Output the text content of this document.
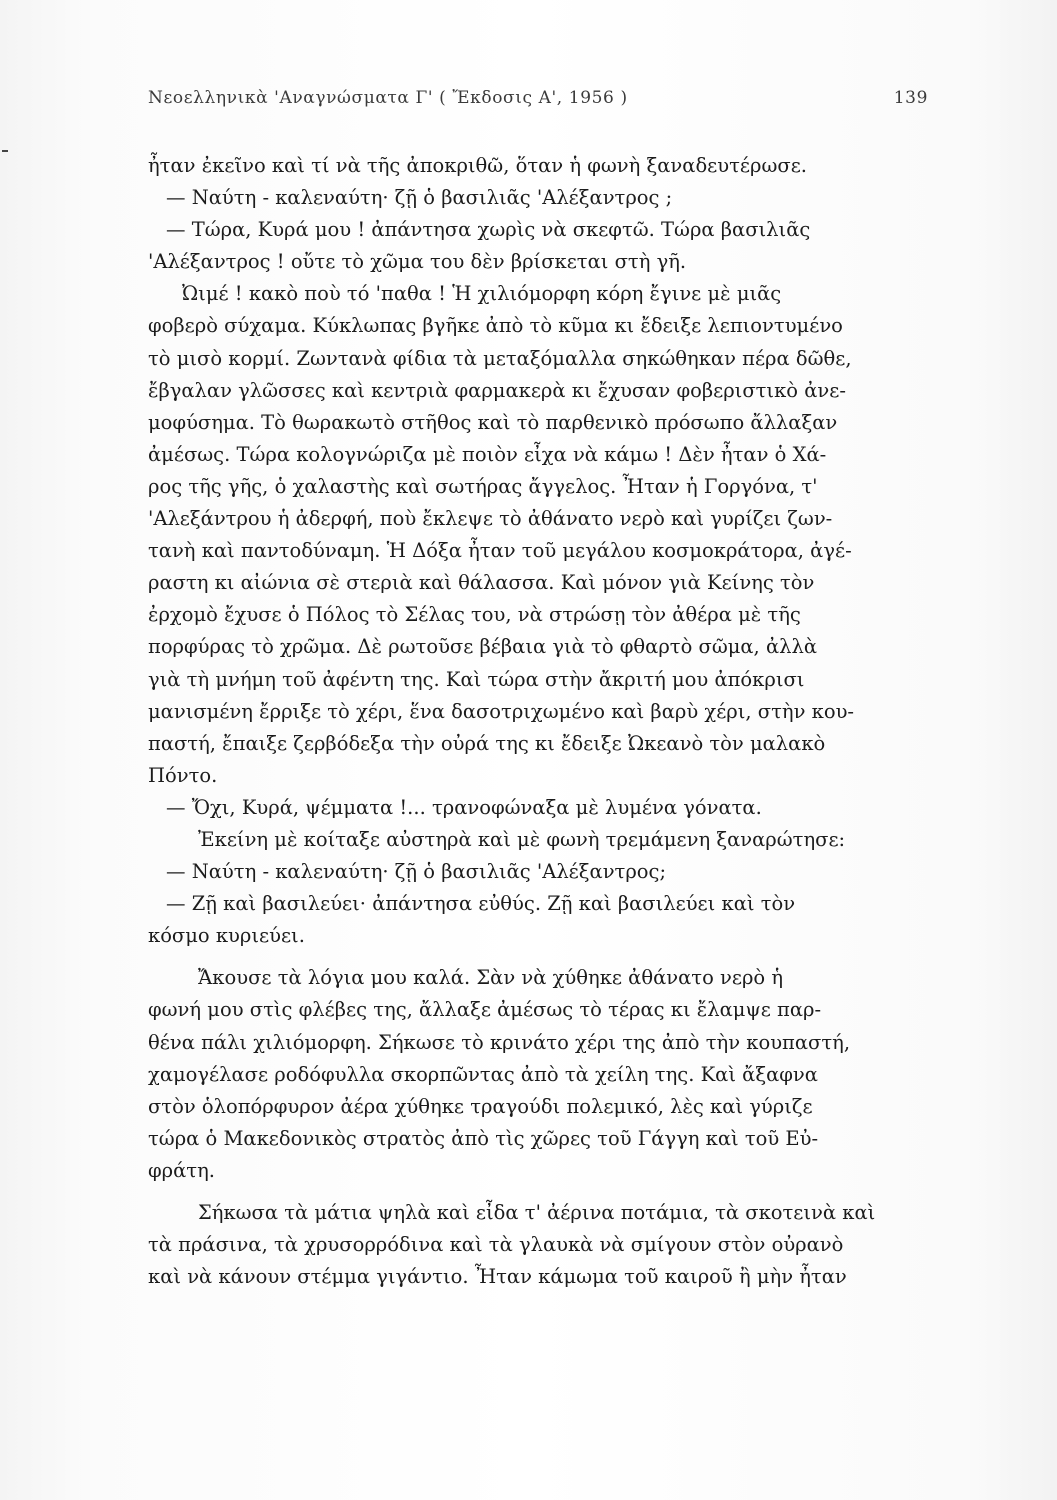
Νεοελληνικὰ 'Αναγνώσματα Γ' ( Ἔκδοσις Α', 1956 )	139
ἦταν ἐκεῖνο καὶ τί νὰ τῆς ἀποκριθῶ, ὅταν ἡ φωνὴ ξαναδευτέρωσε.
— Ναύτη - καλεναύτη· ζῇ ὁ βασιλιᾶς 'Αλέξαντρος ;
— Τώρα, Κυρά μου ! ἀπάντησα χωρὶς νὰ σκεφτῶ. Τώρα βασιλιᾶς
'Αλέξαντρος ! οὔτε τὸ χῶμα του δὲν βρίσκεται στὴ γῆ.
Ὠιμέ ! κακὸ ποὺ τό 'παθα ! Ἡ χιλιόμορφη κόρη ἔγινε μὲ μιᾶς
φοβερὸ σύχαμα. Κύκλωπας βγῆκε ἀπὸ τὸ κῦμα κι ἔδειξε λεπιοντυμένο
τὸ μισὸ κορμί. Ζωντανὰ φίδια τὰ μεταξόμαλλα σηκώθηκαν πέρα δῶθε,
ἔβγαλαν γλῶσσες καὶ κεντριὰ φαρμακερὰ κι ἔχυσαν φοβεριστικὸ ἀνε-
μοφύσημα. Τὸ θωρακωτὸ στῆθος καὶ τὸ παρθενικὸ πρόσωπο ἄλλαξαν
ἀμέσως. Τώρα κολογνώριζα μὲ ποιὸν εἶχα νὰ κάμω ! Δὲν ἦταν ὁ Χά-
ρος τῆς γῆς, ὁ χαλαστὴς καὶ σωτήρας ἄγγελος. Ἦταν ἡ Γοργόνα, τ'
'Αλεξάντρου ἡ ἀδερφή, ποὺ ἔκλεψε τὸ ἀθάνατο νερὸ καὶ γυρίζει ζων-
τανὴ καὶ παντοδύναμη. Ἡ Δόξα ἦταν τοῦ μεγάλου κοσμοκράτορα, ἀγέ-
ραστη κι αἰώνια σὲ στεριὰ καὶ θάλασσα. Καὶ μόνον γιὰ Κείνης τὸν
ἐρχομὸ ἔχυσε ὁ Πόλος τὸ Σέλας του, νὰ στρώσῃ τὸν ἀθέρα μὲ τῆς
πορφύρας τὸ χρῶμα. Δὲ ρωτοῦσε βέβαια γιὰ τὸ φθαρτὸ σῶμα, ἀλλὰ
γιὰ τὴ μνήμη τοῦ ἀφέντη της. Καὶ τώρα στὴν ἄκριτή μου ἀπόκρισι
μανισμένη ἔρριξε τὸ χέρι, ἕνα δασοτριχωμένο καὶ βαρὺ χέρι, στὴν κου-
παστή, ἔπαιξε ζερβόδεξα τὴν οὐρά της κι ἔδειξε Ὠκεανὸ τὸν μαλακὸ
Πόντο.
— Ὄχι, Κυρά, ψέμματα !... τρανοφώναξα μὲ λυμένα γόνατα.
Ἐκείνη μὲ κοίταξε αὐστηρὰ καὶ μὲ φωνὴ τρεμάμενη ξαναρώτησε:
— Ναύτη - καλεναύτη· ζῇ ὁ βασιλιᾶς 'Αλέξαντρος;
— Ζῇ καὶ βασιλεύει· ἀπάντησα εὐθύς. Ζῇ καὶ βασιλεύει καὶ τὸν
κόσμο κυριεύει.
Ἄκουσε τὰ λόγια μου καλά. Σὰν νὰ χύθηκε ἀθάνατο νερὸ ἡ
φωνή μου στὶς φλέβες της, ἄλλαξε ἀμέσως τὸ τέρας κι ἔλαμψε παρ-
θένα πάλι χιλιόμορφη. Σήκωσε τὸ κρινάτο χέρι της ἀπὸ τὴν κουπαστή,
χαμογέλασε ροδόφυλλα σκορπῶντας ἀπὸ τὰ χείλη της. Καὶ ἄξαφνα
στὸν ὁλοπόρφυρον ἀέρα χύθηκε τραγούδι πολεμικό, λὲς καὶ γύριζε
τώρα ὁ Μακεδονικὸς στρατὸς ἀπὸ τὶς χῶρες τοῦ Γάγγη καὶ τοῦ Εὐ-
φράτη.
Σήκωσα τὰ μάτια ψηλὰ καὶ εἶδα τ' ἀέρινα ποτάμια, τὰ σκοτεινὰ καὶ
τὰ πράσινα, τὰ χρυσορρόδινα καὶ τὰ γλαυκὰ νὰ σμίγουν στὸν οὐρανὸ
καὶ νὰ κάνουν στέμμα γιγάντιο. Ἦταν κάμωμα τοῦ καιροῦ ἢ μὴν ἦταν
